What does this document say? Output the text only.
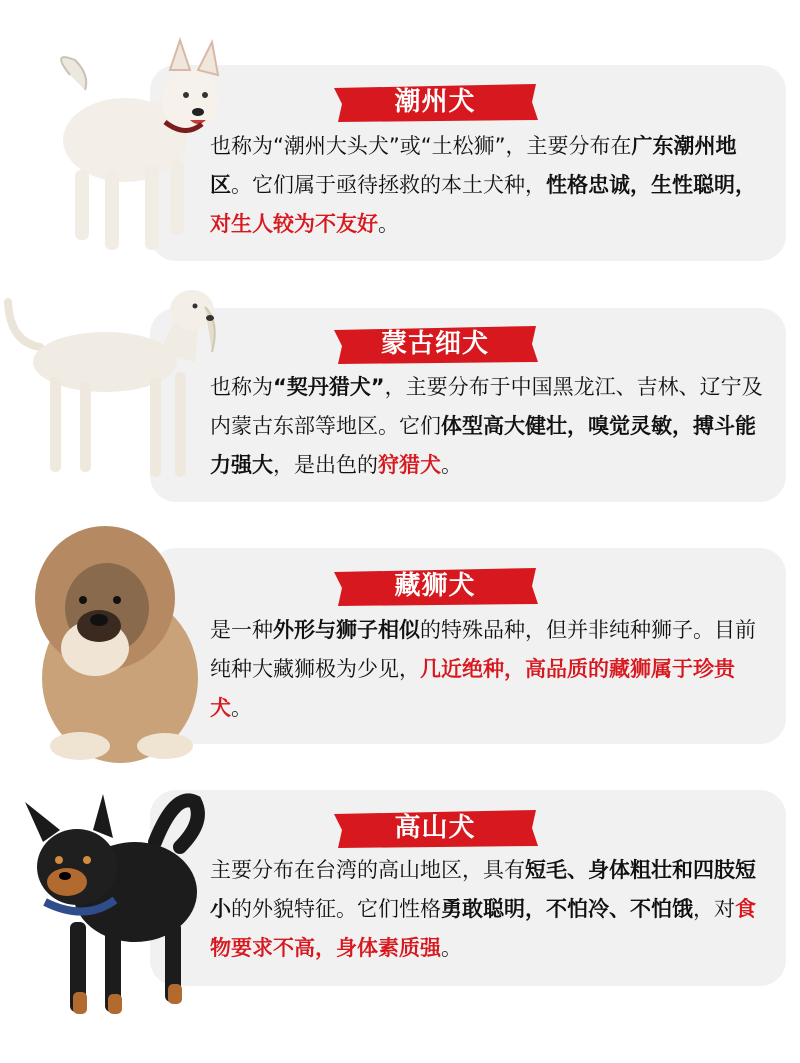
潮州犬
也称为“潮州大头犬”或“土松狮”，主要分布在广东潮州地区。它们属于亟待拯救的本土犬种，性格忠诚，生性聪明，对生人较为不友好。
蒙古细犬
也称为“契丹猎犬”，主要分布于中国黑龙江、吉林、辽宁及内蒙古东部等地区。它们体型高大健壮，嗅觉灵敏，搏斗能力强大，是出色的狩猎犬。
藏狮犬
是一种外形与狮子相似的特殊品种，但并非纯种狮子。目前纯种大藏狮极为少见，几近绝种，高品质的藏狮属于珍贵犬。
高山犬
主要分布在台湾的高山地区，具有短毛、身体粗壮和四肢短小的外貌特征。它们性格勇敢聪明，不怕冷、不怕饿，对食物要求不高，身体素质强。
